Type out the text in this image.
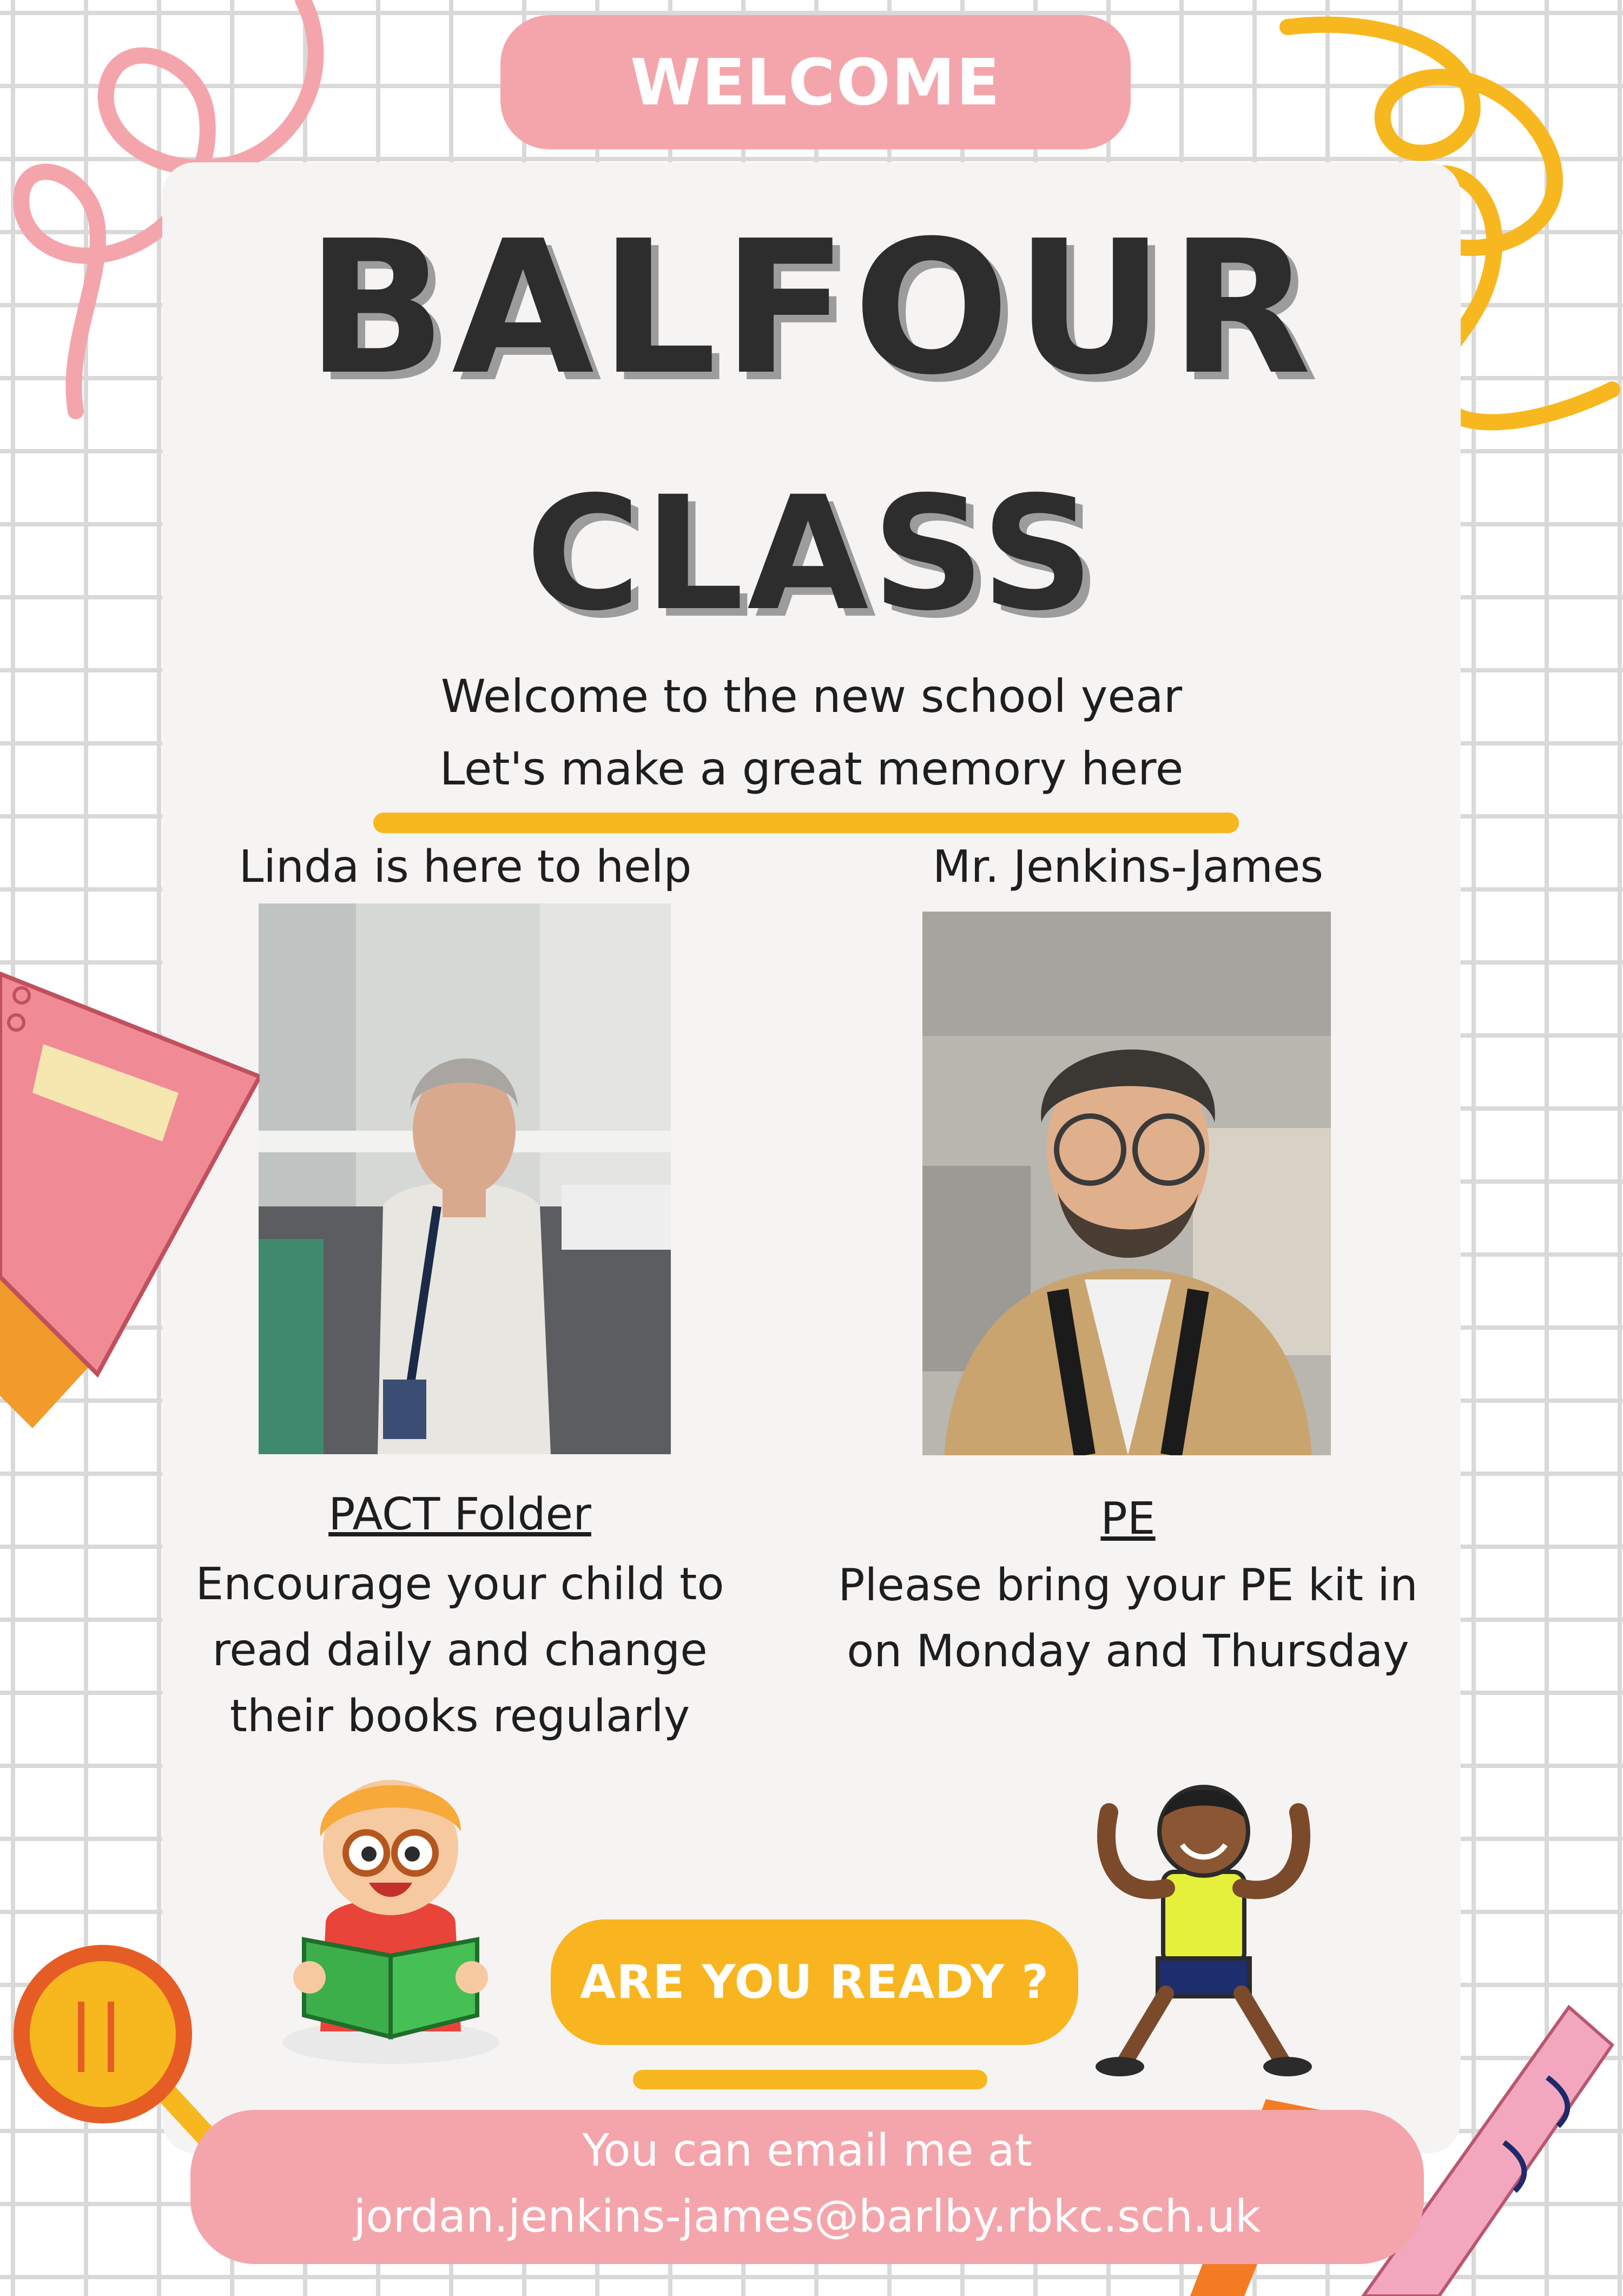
WELCOME
BALFOUR
CLASS
Welcome to the new school year
Let's make a great memory here
Linda is here to help	Mr. Jenkins-James
PACT Folder
Encourage your child to
read daily and change
their books regularly
PE
Please bring your PE kit in
on Monday and Thursday
ARE YOU READY ?
You can email me at
jordan.jenkins-james@barlby.rbkc.sch.uk
